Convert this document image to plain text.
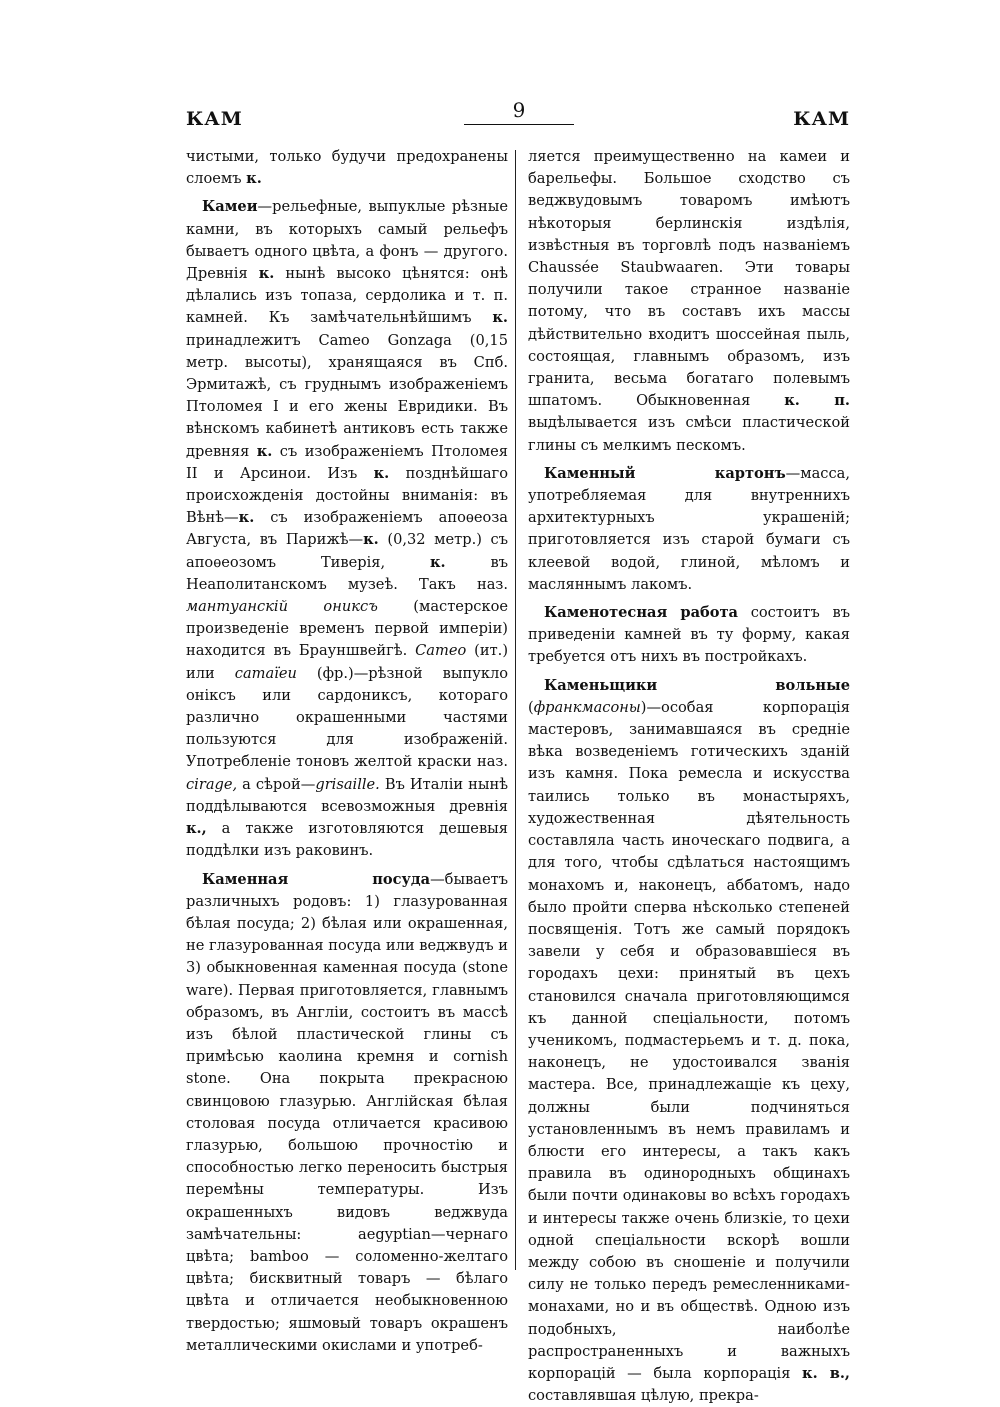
КАМ	9	КАМ

чистыми, только будучи предохранены слоемъ к.

Камеи—рельефные, выпуклые рѣзные камни, въ которыхъ самый рельефъ бываетъ одного цвѣта, а фонъ — другого. Древнія к. нынѣ высоко цѣнятся: онѣ дѣлались изъ топаза, сердолика и т. п. камней. Къ замѣчательнѣйшимъ к. принадлежитъ Cameo Gonzaga (0,15 метр. высоты), хранящаяся въ Спб. Эрмитажѣ, съ груднымъ изображеніемъ Птоломея I и его жены Евридики. Въ вѣнскомъ кабинетѣ антиковъ есть также древняя к. съ изображеніемъ Птоломея II и Арсинои. Изъ к. позднѣйшаго происхожденія достойны вниманія: въ Вѣнѣ—к. съ изображеніемъ апоѳеоза Августа, въ Парижѣ—к. (0,32 метр.) съ апоѳеозомъ Тиверія, к. въ Неаполитанскомъ музеѣ. Такъ наз. мантуанскій ониксъ (мастерское произведеніе временъ первой имперіи) находится въ Брауншвейгѣ. Cameo (ит.) или camaïeu (фр.)—рѣзной выпукло оніксъ или сардониксъ, котораго различно окрашенными частями пользуются для изображеній. Употребленіе тоновъ желтой краски наз. cirage, а сѣрой—grisaille. Въ Италіи нынѣ поддѣлываются всевозможныя древнія к., а также изготовляются дешевыя поддѣлки изъ раковинъ.

Каменная посуда—бываетъ различныхъ родовъ: 1) глазурованная бѣлая посуда; 2) бѣлая или окрашенная, не глазурованная посуда или веджвудъ и 3) обыкновенная каменная посуда (stone ware). Первая приготовляется, главнымъ образомъ, въ Англіи, состоитъ въ массѣ изъ бѣлой пластической глины съ примѣсью каолина кремня и cornish stone. Она покрыта прекрасною свинцовою глазурью. Англійская бѣлая столовая посуда отличается красивою глазурью, большою прочностію и способностью легко переносить быстрыя перемѣны температуры. Изъ окрашенныхъ видовъ веджвуда замѣчательны: aegyptian—чернаго цвѣта; bamboo — соломенно-желтаго цвѣта; бисквитный товаръ — бѣлаго цвѣта и отличается необыкновенною твердостью; яшмовый товаръ окрашенъ металлическими окислами и употреб-

ляется преимущественно на камеи и барельефы. Большое сходство съ веджвудовымъ товаромъ имѣютъ нѣкоторыя берлинскія издѣлія, извѣстныя въ торговлѣ подъ названіемъ Chaussée Staubwaaren. Эти товары получили такое странное названіе потому, что въ составъ ихъ массы дѣйствительно входитъ шоссейная пыль, состоящая, главнымъ образомъ, изъ гранита, весьма богатаго полевымъ шпатомъ. Обыкновенная к. п. выдѣлывается изъ смѣси пластической глины съ мелкимъ пескомъ.

Каменный картонъ—масса, употребляемая для внутреннихъ архитектурныхъ украшеній; приготовляется изъ старой бумаги съ клеевой водой, глиной, мѣломъ и масляннымъ лакомъ.

Каменотесная работа состоитъ въ приведеніи камней въ ту форму, какая требуется отъ нихъ въ постройкахъ.

Каменьщики вольные (франкмасоны)—особая корпорація мастеровъ, занимавшаяся въ средніе вѣка возведеніемъ готическихъ зданій изъ камня. Пока ремесла и искусства таились только въ монастыряхъ, художественная дѣятельность составляла часть иноческаго подвига, а для того, чтобы сдѣлаться настоящимъ монахомъ и, наконецъ, аббатомъ, надо было пройти сперва нѣсколько степеней посвященія. Тотъ же самый порядокъ завели у себя и образовавшіеся въ городахъ цехи: принятый въ цехъ становился сначала приготовляющимся къ данной спеціальности, потомъ ученикомъ, подмастерьемъ и т. д. пока, наконецъ, не удостоивался званія мастера. Все, принадлежащіе къ цеху, должны были подчиняться установленнымъ въ немъ правиламъ и блюсти его интересы, а такъ какъ правила въ одинородныхъ общинахъ были почти одинаковы во всѣхъ городахъ и интересы также очень близкіе, то цехи одной спеціальности вскорѣ вошли между собою въ сношеніе и получили силу не только передъ ремесленниками-монахами, но и въ обществѣ. Одною изъ подобныхъ, наиболѣе распространенныхъ и важныхъ корпорацій — была корпорація к. в., составлявшая цѣлую, прекра-
